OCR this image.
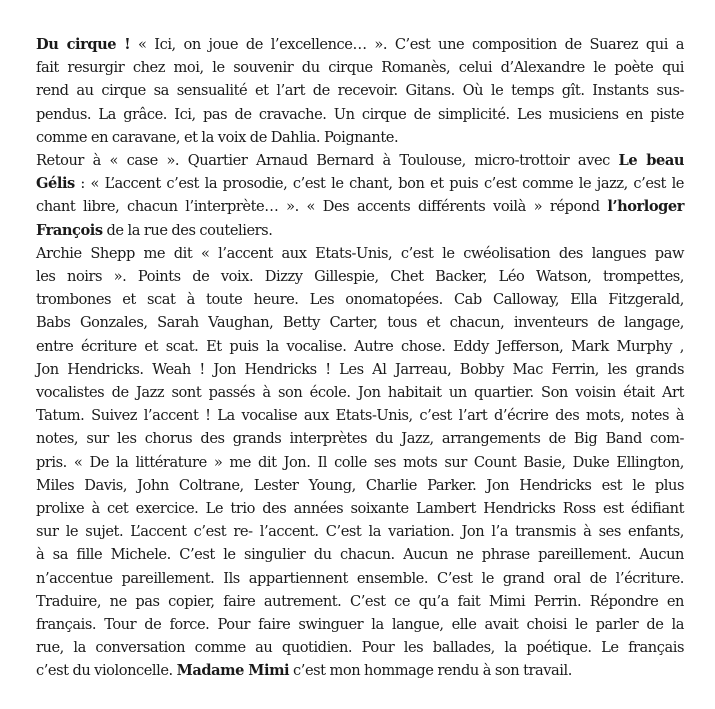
Du cirque ! « Ici, on joue de l’excellence… ». C’est une composition de Suarez qui a
fait resurgir chez moi, le souvenir du cirque Romanès, celui d’Alexandre le poète qui
rend au cirque sa sensualité et l’art de recevoir. Gitans. Où le temps gît. Instants sus-
pendus. La grâce. Ici, pas de cravache. Un cirque de simplicité. Les musiciens en piste
comme en caravane, et la voix de Dahlia. Poignante.
Retour à « case ». Quartier Arnaud Bernard à Toulouse, micro-trottoir avec Le beau
Gélis : « L’accent c’est la prosodie, c’est le chant, bon et puis c’est comme le jazz, c’est le
chant libre, chacun l’interprète… ». « Des accents différents voilà » répond l’horloger
François de la rue des couteliers.
Archie Shepp me dit « l’accent aux Etats-Unis, c’est le cwéolisation des langues paw
les noirs ». Points de voix. Dizzy Gillespie, Chet Backer, Léo Watson, trompettes,
trombones et scat à toute heure. Les onomatopées. Cab Calloway, Ella Fitzgerald,
Babs Gonzales, Sarah Vaughan, Betty Carter, tous et chacun, inventeurs de langage,
entre écriture et scat. Et puis la vocalise. Autre chose. Eddy Jefferson, Mark Murphy ,
Jon Hendricks. Weah ! Jon Hendricks ! Les Al Jarreau, Bobby Mac Ferrin, les grands
vocalistes de Jazz sont passés à son école. Jon habitait un quartier. Son voisin était Art
Tatum. Suivez l’accent ! La vocalise aux Etats-Unis, c’est l’art d’écrire des mots, notes à
notes, sur les chorus des grands interprètes du Jazz, arrangements de Big Band com-
pris. « De la littérature » me dit Jon. Il colle ses mots sur Count Basie, Duke Ellington,
Miles Davis, John Coltrane, Lester Young, Charlie Parker. Jon Hendricks est le plus
prolixe à cet exercice. Le trio des années soixante Lambert Hendricks Ross est édifiant
sur le sujet. L’accent c’est re- l’accent. C’est la variation. Jon l’a transmis à ses enfants,
à sa fille Michele. C’est le singulier du chacun. Aucun ne phrase pareillement. Aucun
n’accentue pareillement. Ils appartiennent ensemble. C’est le grand oral de l’écriture.
Traduire, ne pas copier, faire autrement. C’est ce qu’a fait Mimi Perrin. Répondre en
français. Tour de force. Pour faire swinguer la langue, elle avait choisi le parler de la
rue, la conversation comme au quotidien. Pour les ballades, la poétique. Le français
c’est du violoncelle. Madame Mimi c’est mon hommage rendu à son travail.
